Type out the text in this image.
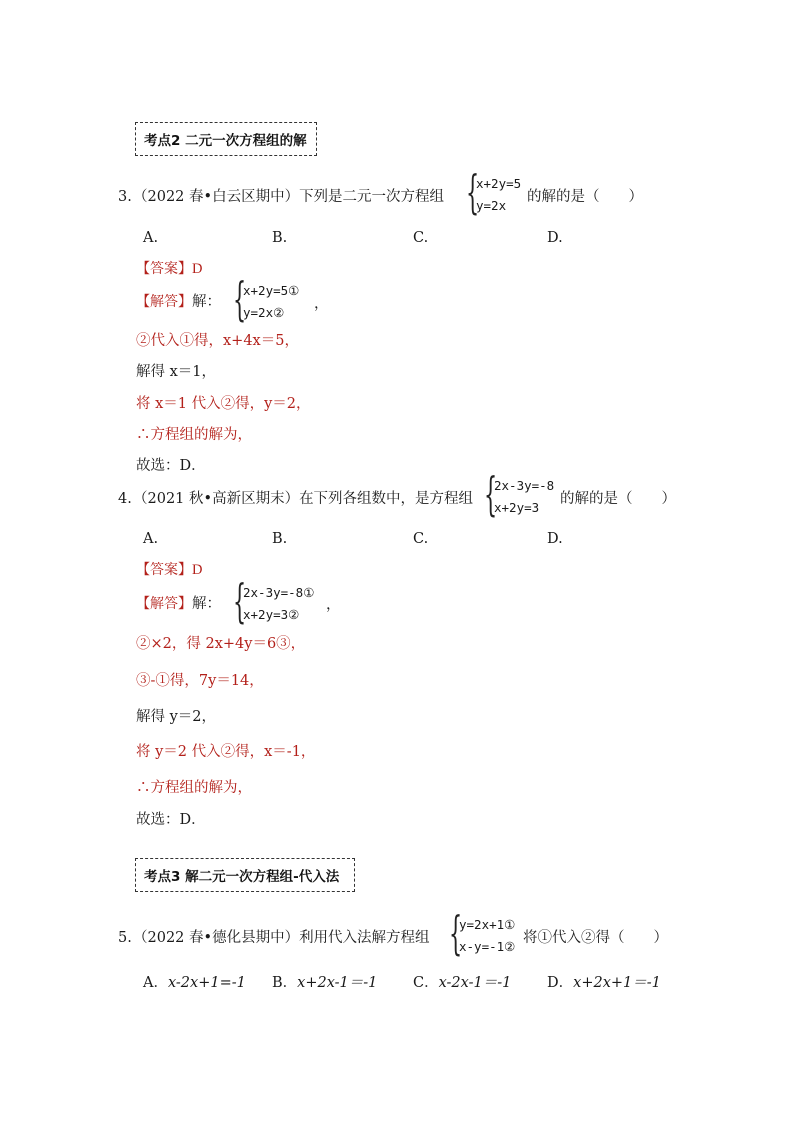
考点2 二元一次方程组的解
3. （2022 春•白云区期中）下列是二元一次方程组 {
x+2y=5
y=2x
的解的是（　　）
A.	B.	C.	D.
【答案】D
【解答】解： {
x+2y=5①
y=2x②
，
②代入①得，x+4x＝5，
解得 x＝1，
将 x＝1 代入②得，y＝2，
∴方程组的解为，
故选：D．
4. （2021 秋•高新区期末）在下列各组数中，是方程组 {
2x-3y=-8
x+2y=3
的解的是（　　）
A.	B.	C.	D.
【答案】D
【解答】解： {
2x-3y=-8①
x+2y=3②
，
②×2，得 2x+4y＝6③，
③-①得，7y＝14，
解得 y＝2，
将 y＝2 代入②得，x＝-1，
∴方程组的解为，
故选：D．
考点3 解二元一次方程组-代入法
5. （2022 春•德化县期中）利用代入法解方程组 {
y=2x+1①
x-y=-1②
将①代入②得（　　）
A．x-2x+1=-1 B．x+2x-1＝-1 C．x-2x-1＝-1 D．x+2x+1＝-1
